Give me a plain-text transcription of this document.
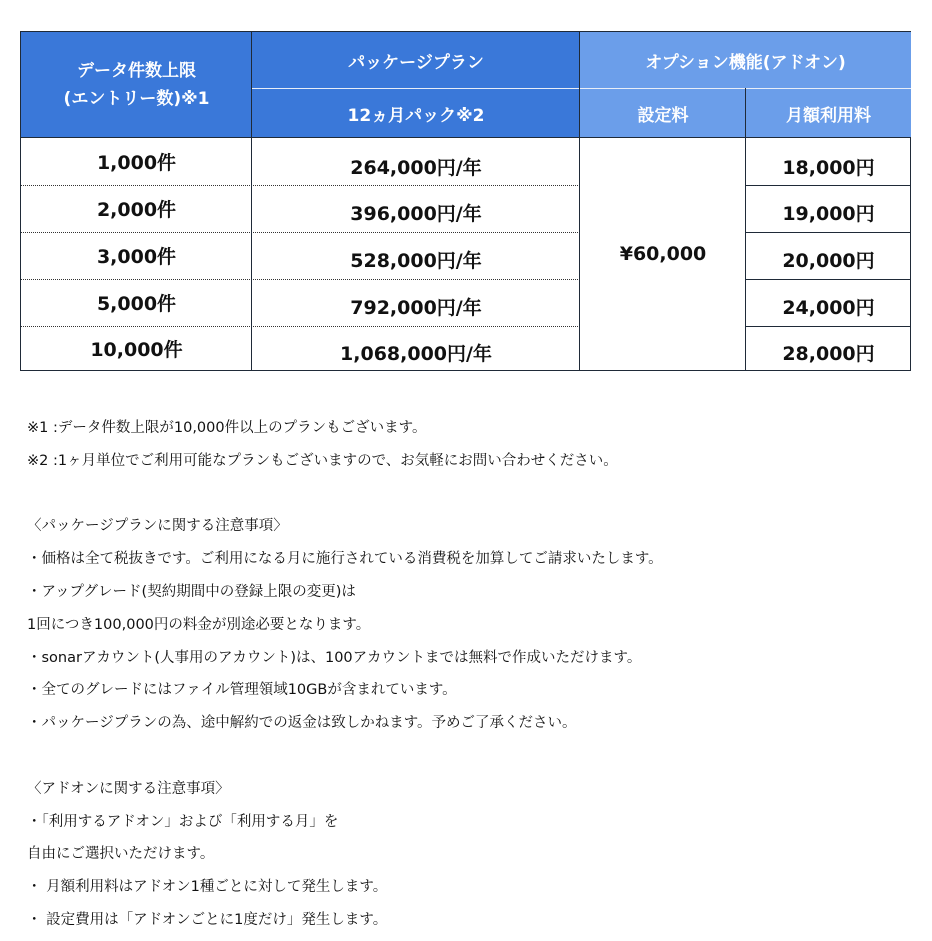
データ件数上限
(エントリー数)※1
パッケージプラン
12ヵ月パック※2
オプション機能(アドオン)
設定料	月額利用料
1,000件
2,000件
3,000件
5,000件
10,000件
264,000円/年
396,000円/年
528,000円/年
792,000円/年
1,068,000円/年
¥60,000
18,000円
19,000円
20,000円
24,000円
28,000円

※1 :データ件数上限が10,000件以上のプランもございます。

※2 :1ヶ月単位でご利用可能なプランもございますので、お気軽にお問い合わせください。

〈パッケージプランに関する注意事項〉

・価格は全て税抜きです。ご利用になる月に施行されている消費税を加算してご請求いたします。

・アップグレード(契約期間中の登録上限の変更)は

1回につき100,000円の料金が別途必要となります。

・sonarアカウント(人事用のアカウント)は、100アカウントまでは無料で作成いただけます。

・全てのグレードにはファイル管理領域10GBが含まれています。

・パッケージプランの為、途中解約での返金は致しかねます。予めご了承ください。

〈アドオンに関する注意事項〉

・「利用するアドオン」および「利用する月」を

自由にご選択いただけます。

・ 月額利用料はアドオン1種ごとに対して発生します。

・ 設定費用は「アドオンごとに1度だけ」発生します。
